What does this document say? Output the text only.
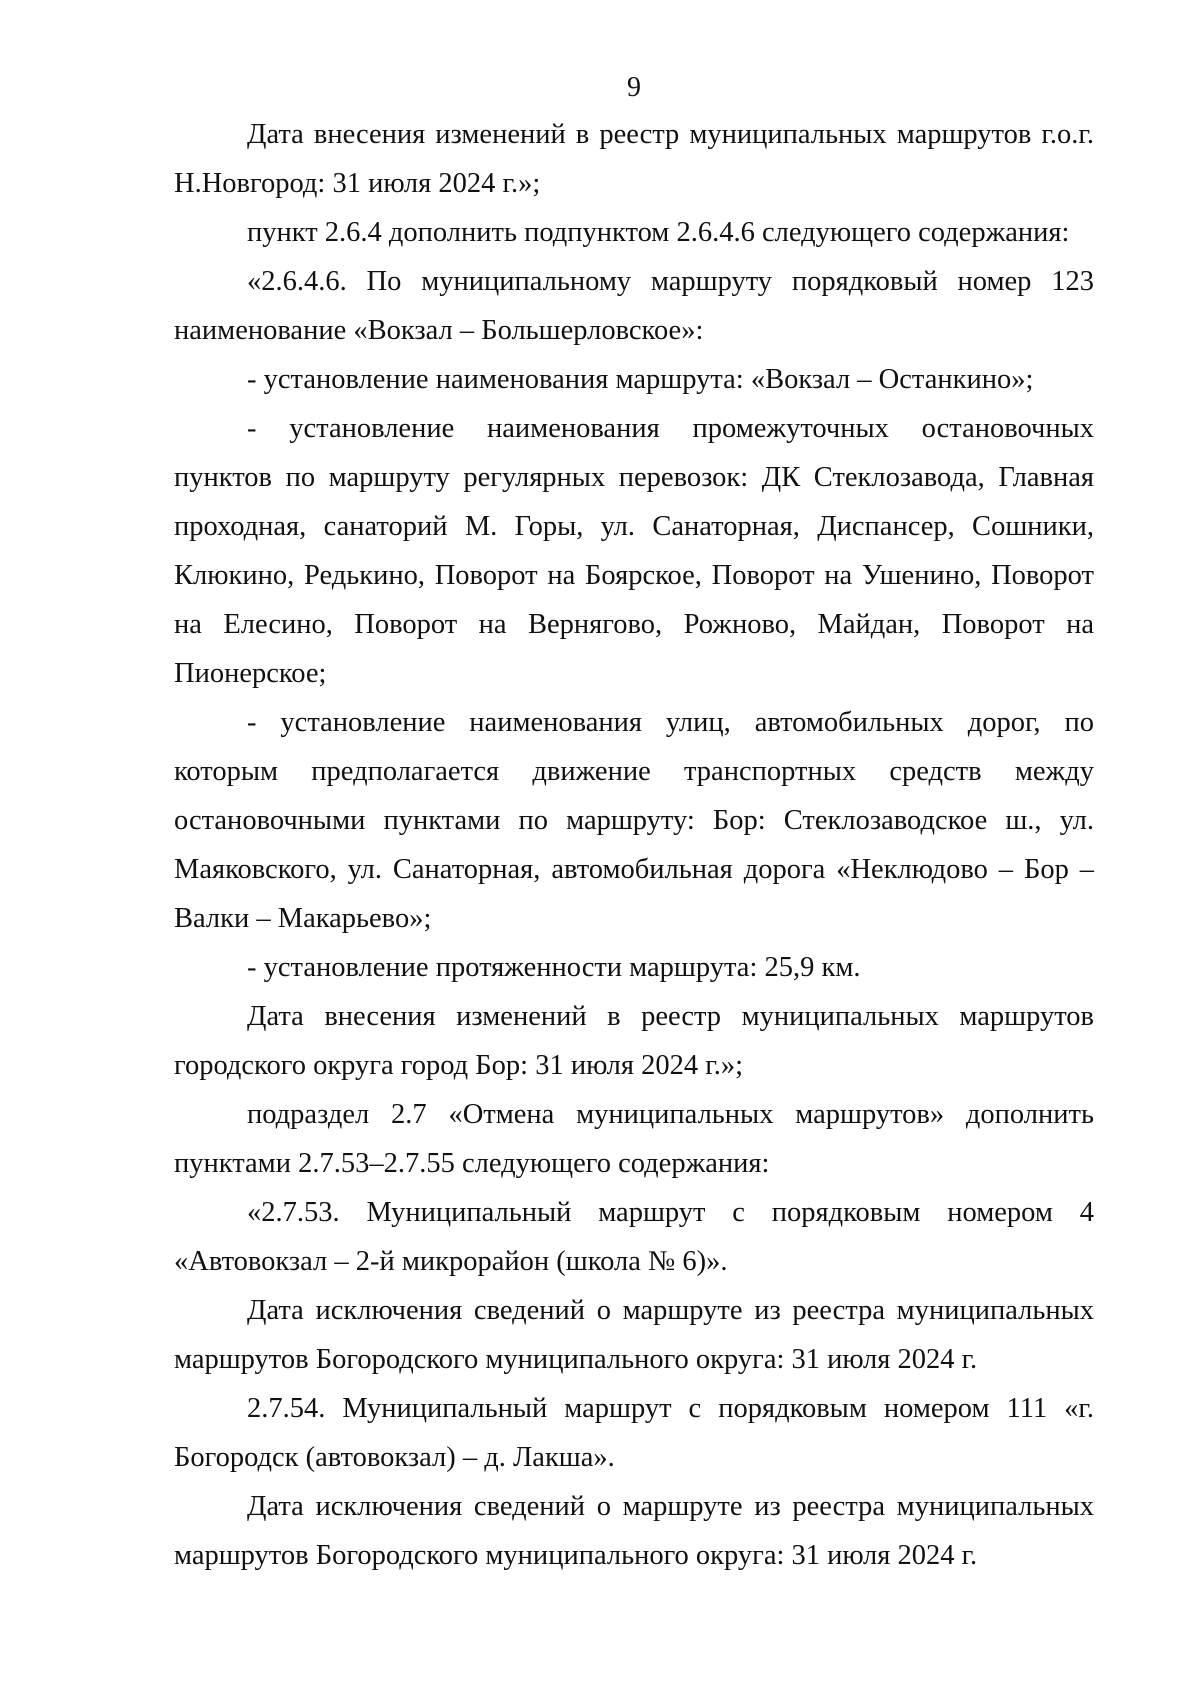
9

Дата внесения изменений в реестр муниципальных маршрутов г.о.г. Н.Новгород: 31 июля 2024 г.»;

пункт 2.6.4 дополнить подпунктом 2.6.4.6 следующего содержания:

«2.6.4.6. По муниципальному маршруту порядковый номер 123 наименование «Вокзал – Большерловское»:

- установление наименования маршрута: «Вокзал – Останкино»;

- установление наименования промежуточных остановочных пунктов по маршруту регулярных перевозок: ДК Стеклозавода, Главная проходная, санаторий М. Горы, ул. Санаторная, Диспансер, Сошники, Клюкино, Редькино, Поворот на Боярское, Поворот на Ушенино, Поворот на Елесино, Поворот на Вернягово, Рожново, Майдан, Поворот на Пионерское;

- установление наименования улиц, автомобильных дорог, по которым предполагается движение транспортных средств между остановочными пунктами по маршруту: Бор: Стеклозаводское ш., ул. Маяковского, ул. Санаторная, автомобильная дорога «Неклюдово – Бор – Валки – Макарьево»;

- установление протяженности маршрута: 25,9 км.

Дата внесения изменений в реестр муниципальных маршрутов городского округа город Бор: 31 июля 2024 г.»;

подраздел 2.7 «Отмена муниципальных маршрутов» дополнить пунктами 2.7.53–2.7.55 следующего содержания:

«2.7.53. Муниципальный маршрут с порядковым номером 4 «Автовокзал – 2-й микрорайон (школа № 6)».

Дата исключения сведений о маршруте из реестра муниципальных маршрутов Богородского муниципального округа: 31 июля 2024 г.

2.7.54. Муниципальный маршрут с порядковым номером 111 «г. Богородск (автовокзал) – д. Лакша».

Дата исключения сведений о маршруте из реестра муниципальных маршрутов Богородского муниципального округа: 31 июля 2024 г.
